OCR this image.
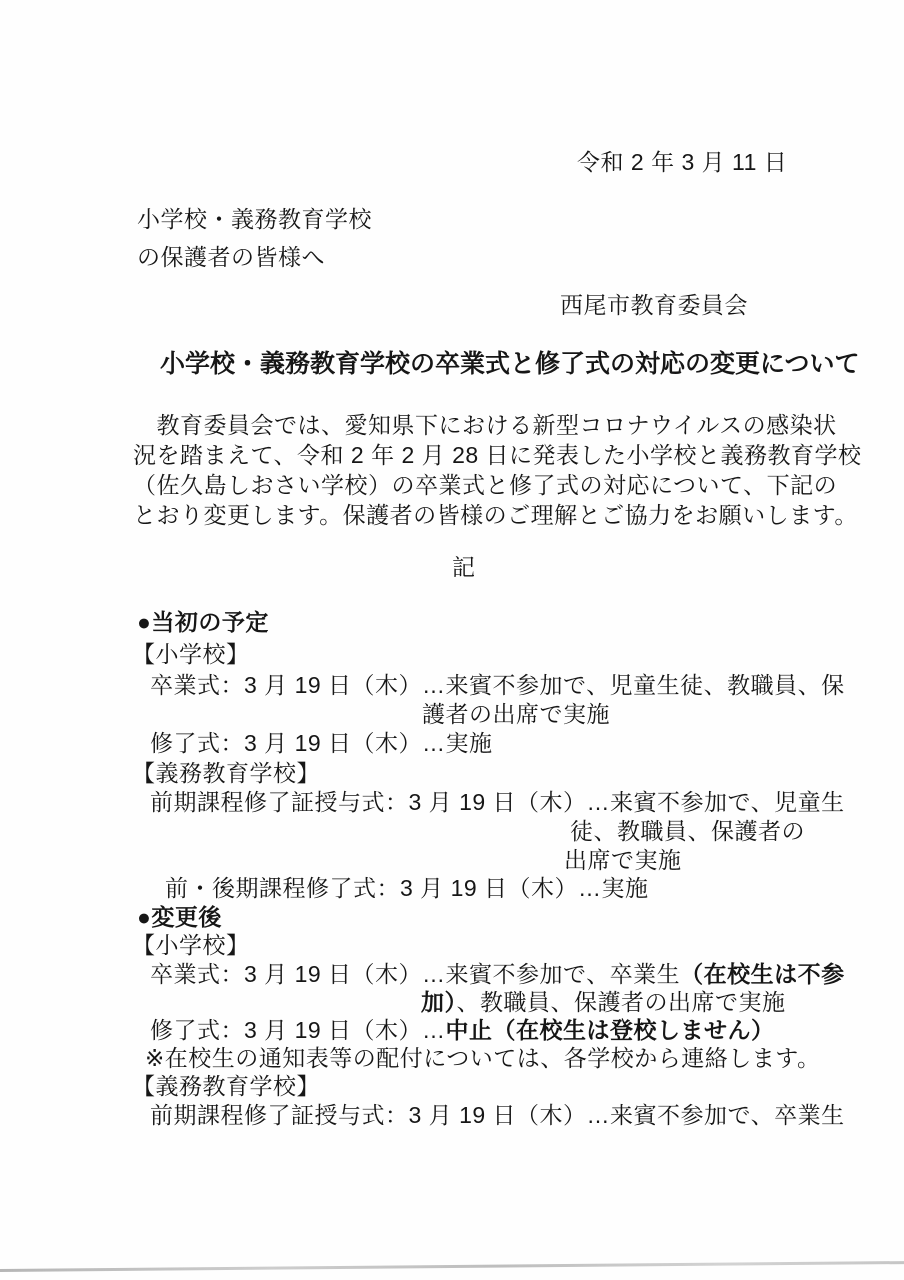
令和 2 年 3 月 11 日
小学校・義務教育学校
の保護者の皆様へ
西尾市教育委員会
小学校・義務教育学校の卒業式と修了式の対応の変更について
　教育委員会では、愛知県下における新型コロナウイルスの感染状
況を踏まえて、令和 2 年 2 月 28 日に発表した小学校と義務教育学校
（佐久島しおさい学校）の卒業式と修了式の対応について、下記の
とおり変更します。保護者の皆様のご理解とご協力をお願いします。
記
●当初の予定
【小学校】
卒業式：3 月 19 日（木）…来賓不参加で、児童生徒、教職員、保
護者の出席で実施
修了式：3 月 19 日（木）…実施
【義務教育学校】
前期課程修了証授与式：3 月 19 日（木）…来賓不参加で、児童生
徒、教職員、保護者の
出席で実施
前・後期課程修了式：3 月 19 日（木）…実施
●変更後
【小学校】
卒業式：3 月 19 日（木）…来賓不参加で、卒業生（在校生は不参
加）、教職員、保護者の出席で実施
修了式：3 月 19 日（木）…中止（在校生は登校しません）
※在校生の通知表等の配付については、各学校から連絡します。
【義務教育学校】
前期課程修了証授与式：3 月 19 日（木）…来賓不参加で、卒業生
